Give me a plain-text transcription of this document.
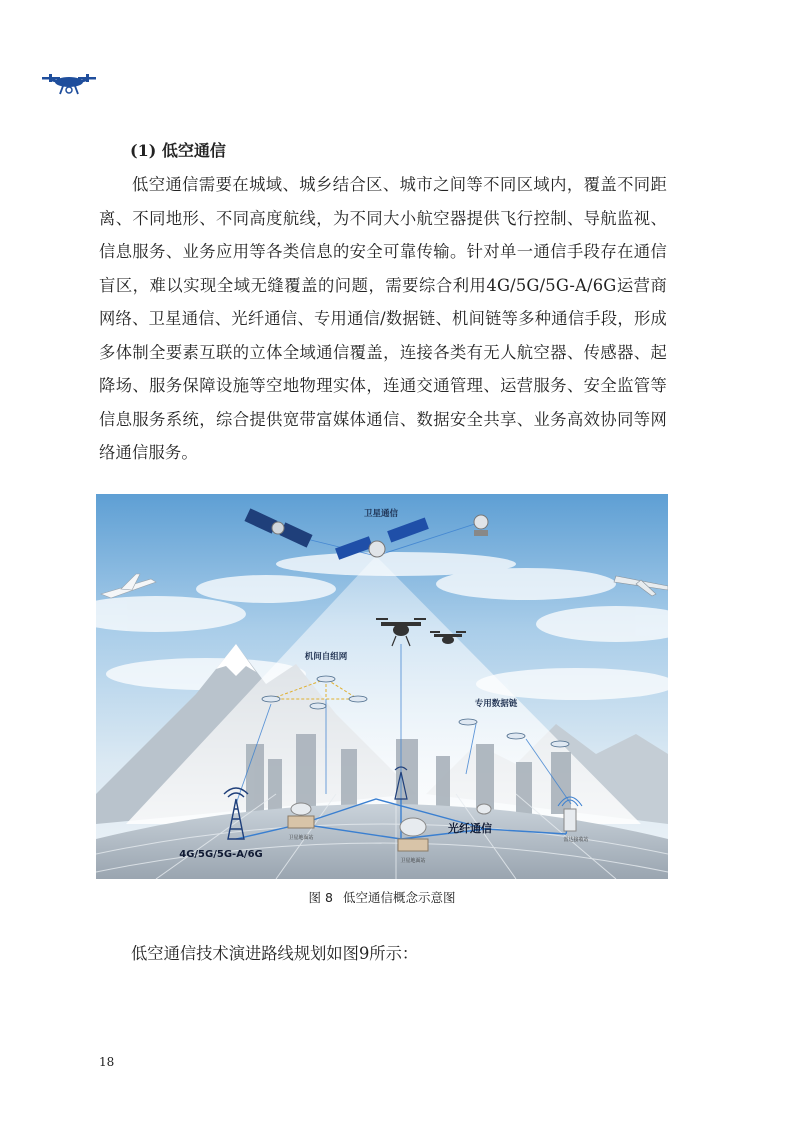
(1) 低空通信

低空通信需要在城域、城乡结合区、城市之间等不同区域内，覆盖不同距离、不同地形、不同高度航线，为不同大小航空器提供飞行控制、导航监视、信息服务、业务应用等各类信息的安全可靠传输。针对单一通信手段存在通信盲区，难以实现全域无缝覆盖的问题，需要综合利用4G/5G/5G-A/6G运营商网络、卫星通信、光纤通信、专用通信/数据链、机间链等多种通信手段，形成多体制全要素互联的立体全域通信覆盖，连接各类有无人航空器、传感器、起降场、服务保障设施等空地物理实体，连通交通管理、运营服务、安全监管等信息服务系统，综合提供宽带富媒体通信、数据安全共享、业务高效协同等网络通信服务。

卫星通信
机间自组网
专用数据链
卫星地面站
卫星地面站
雷达接收站
光纤通信
4G/5G/5G-A/6G

图 8 低空通信概念示意图

低空通信技术演进路线规划如图9所示：

18
